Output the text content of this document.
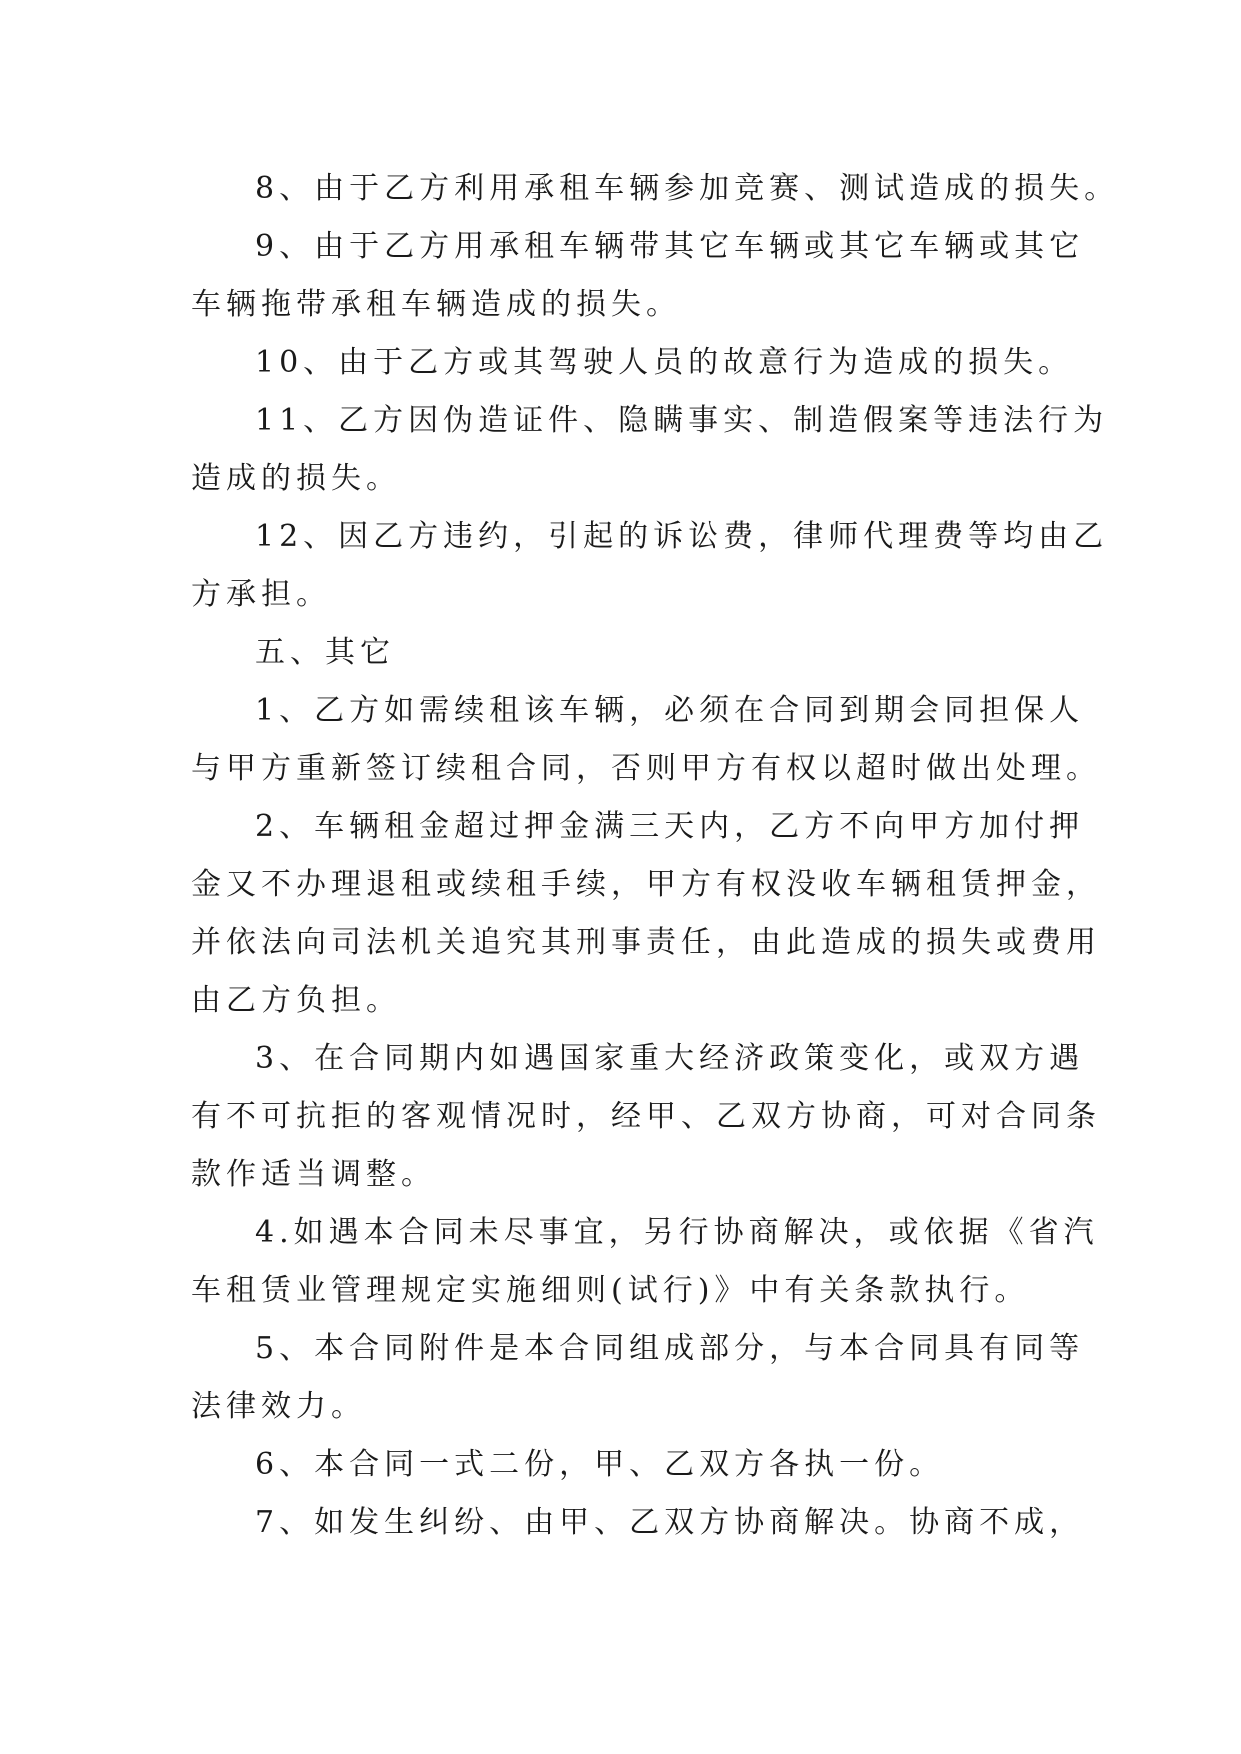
8、由于乙方利用承租车辆参加竞赛、测试造成的损失。
9、由于乙方用承租车辆带其它车辆或其它车辆或其它
车辆拖带承租车辆造成的损失。
10、由于乙方或其驾驶人员的故意行为造成的损失。
11、乙方因伪造证件、隐瞒事实、制造假案等违法行为
造成的损失。
12、因乙方违约，引起的诉讼费，律师代理费等均由乙
方承担。
五、其它
1、乙方如需续租该车辆，必须在合同到期会同担保人
与甲方重新签订续租合同，否则甲方有权以超时做出处理。
2、车辆租金超过押金满三天内，乙方不向甲方加付押
金又不办理退租或续租手续，甲方有权没收车辆租赁押金，
并依法向司法机关追究其刑事责任，由此造成的损失或费用
由乙方负担。
3、在合同期内如遇国家重大经济政策变化，或双方遇
有不可抗拒的客观情况时，经甲、乙双方协商，可对合同条
款作适当调整。
4.如遇本合同未尽事宜，另行协商解决，或依据《省汽
车租赁业管理规定实施细则(试行)》中有关条款执行。
5、本合同附件是本合同组成部分，与本合同具有同等
法律效力。
6、本合同一式二份，甲、乙双方各执一份。
7、如发生纠纷、由甲、乙双方协商解决。协商不成，
